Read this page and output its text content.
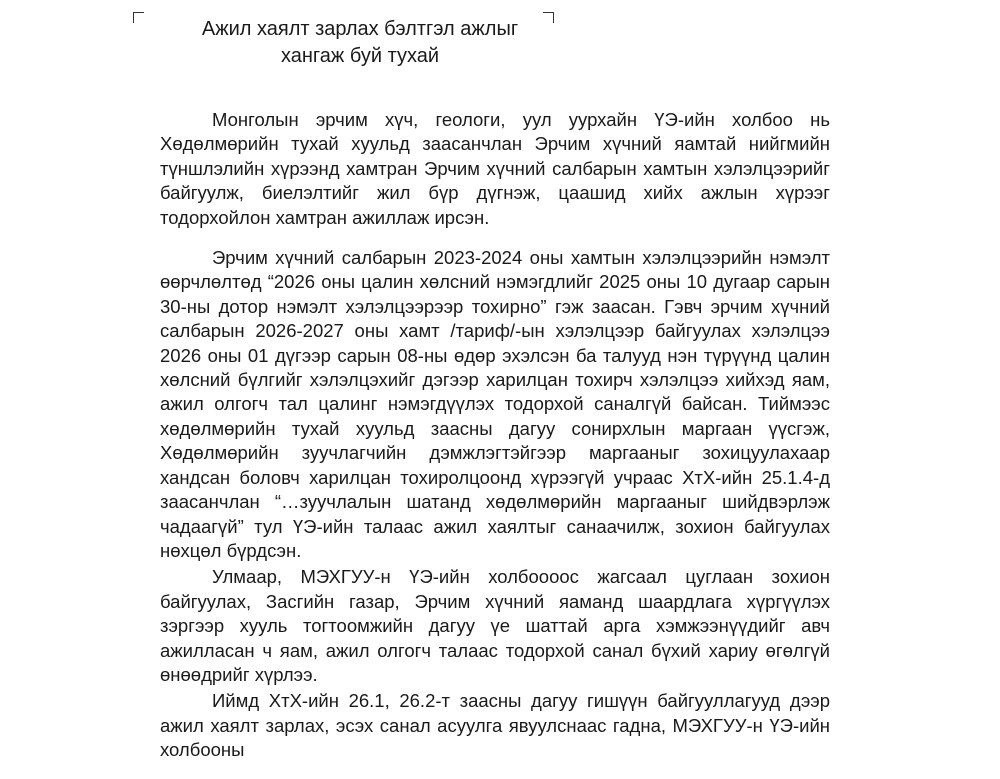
Ажил хаялт зарлах бэлтгэл ажлыг
хангаж буй тухай

Монголын эрчим хүч, геологи, уул уурхайн ҮЭ-ийн холбоо нь Хөдөлмөрийн тухай хуульд заасанчлан Эрчим хүчний яамтай нийгмийн түншлэлийн хүрээнд хамтран Эрчим хүчний салбарын хамтын хэлэлцээрийг байгуулж, биелэлтийг жил бүр дүгнэж, цаашид хийх ажлын хүрээг тодорхойлон хамтран ажиллаж ирсэн.

Эрчим хүчний салбарын 2023-2024 оны хамтын хэлэлцээрийн нэмэлт өөрчлөлтөд “2026 оны цалин хөлсний нэмэгдлийг 2025 оны 10 дугаар сарын 30-ны дотор нэмэлт хэлэлцээрээр тохирно” гэж заасан. Гэвч эрчим хүчний салбарын 2026-2027 оны хамт /тариф/-ын хэлэлцээр байгуулах хэлэлцээ 2026 оны 01 дүгээр сарын 08-ны өдөр эхэлсэн ба талууд нэн түрүүнд цалин хөлсний бүлгийг хэлэлцэхийг дэгээр харилцан тохирч хэлэлцээ хийхэд яам, ажил олгогч тал цалинг нэмэгдүүлэх тодорхой саналгүй байсан. Тиймээс хөдөлмөрийн тухай хуульд заасны дагуу сонирхлын маргаан үүсгэж, Хөдөлмөрийн зуучлагчийн дэмжлэгтэйгээр маргааныг зохицуулахаар хандсан боловч харилцан тохиролцоонд хүрээгүй учраас ХтХ-ийн 25.1.4-д заасанчлан “…зуучлалын шатанд хөдөлмөрийн маргааныг шийдвэрлэж чадаагүй” тул ҮЭ-ийн талаас ажил хаялтыг санаачилж, зохион байгуулах нөхцөл бүрдсэн.

Улмаар, МЭХГУУ-н ҮЭ-ийн холбоооос жагсаал цуглаан зохион байгуулах, Засгийн газар, Эрчим хүчний яаманд шаардлага хүргүүлэх зэргээр хууль тогтоомжийн дагуу үе шаттай арга хэмжээнүүдийг авч ажилласан ч яам, ажил олгогч талаас тодорхой санал бүхий хариу өгөлгүй өнөөдрийг хүрлээ.

Иймд ХтХ-ийн 26.1, 26.2-т заасны дагуу гишүүн байгууллагууд дээр ажил хаялт зарлах, эсэх санал асуулга явуулснаас гадна, МЭХГУУ-н ҮЭ-ийн холбооны
